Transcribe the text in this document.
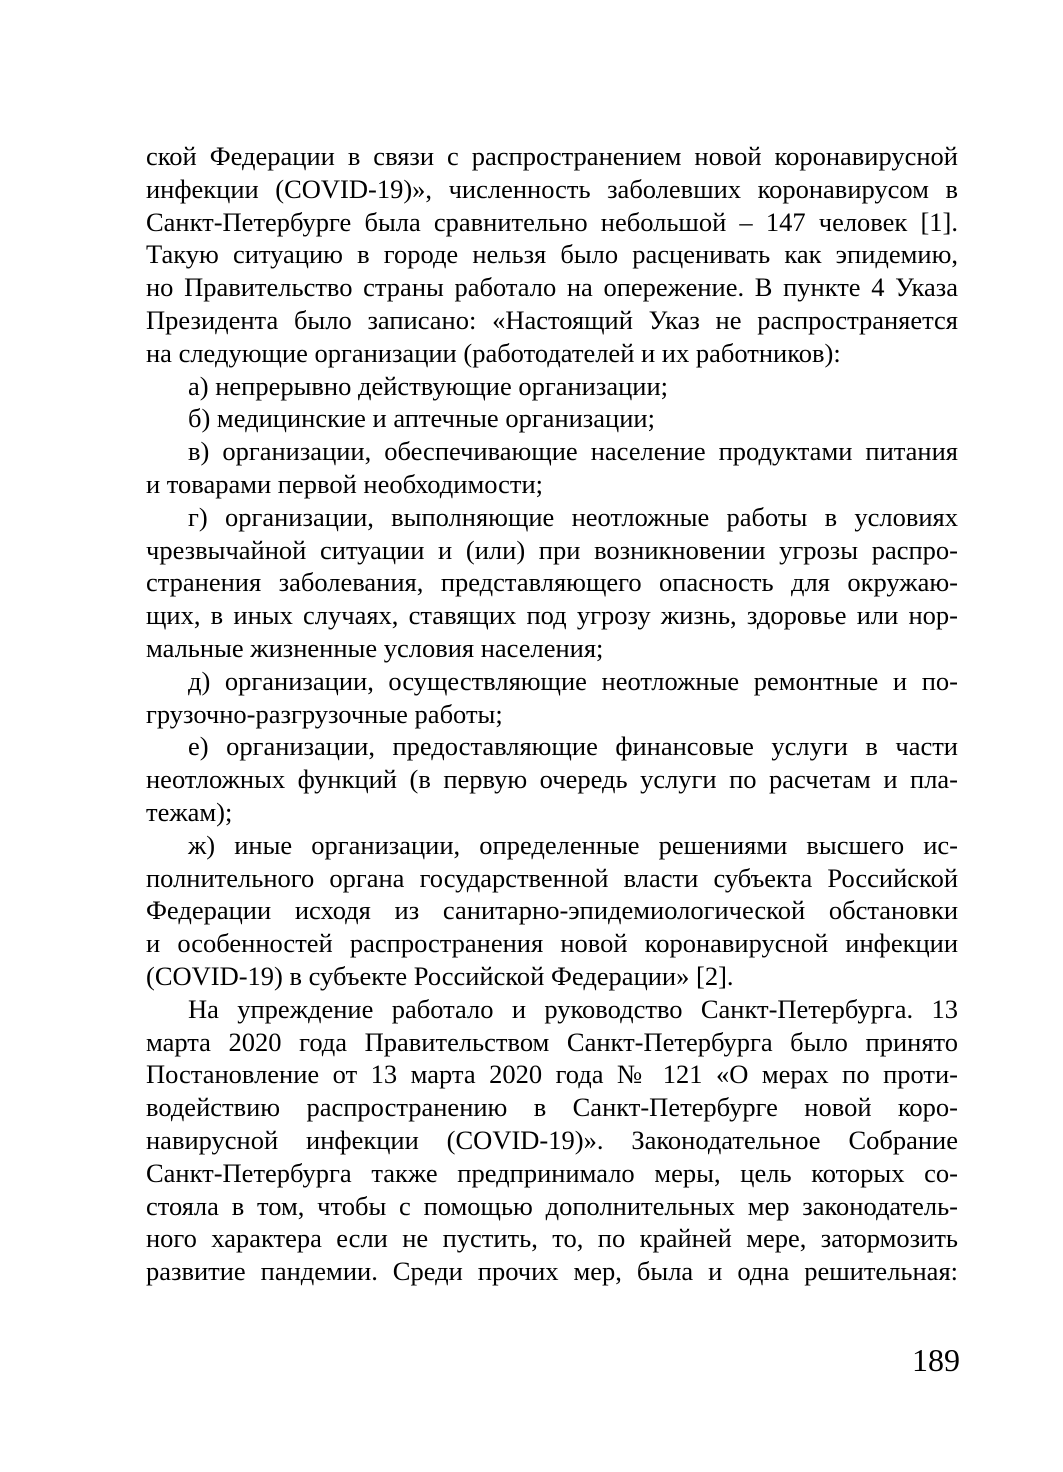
ской Федерации в связи с распространением новой коронавирусной
инфекции (COVID-19)», численность заболевших коронавирусом в
Санкт-Петербурге была сравнительно небольшой – 147 человек [1].
Такую ситуацию в городе нельзя было расценивать как эпидемию,
но Правительство страны работало на опережение. В пункте 4 Указа
Президента было записано: «Настоящий Указ не распространяется
на следующие организации (работодателей и их работников):
а) непрерывно действующие организации;
б) медицинские и аптечные организации;
в) организации, обеспечивающие население продуктами питания
и товарами первой необходимости;
г) организации, выполняющие неотложные работы в условиях
чрезвычайной ситуации и (или) при возникновении угрозы распро-
странения заболевания, представляющего опасность для окружаю-
щих, в иных случаях, ставящих под угрозу жизнь, здоровье или нор-
мальные жизненные условия населения;
д) организации, осуществляющие неотложные ремонтные и по-
грузочно-разгрузочные работы;
е) организации, предоставляющие финансовые услуги в части
неотложных функций (в первую очередь услуги по расчетам и пла-
тежам);
ж) иные организации, определенные решениями высшего ис-
полнительного органа государственной власти субъекта Российской
Федерации исходя из санитарно-эпидемиологической обстановки
и особенностей распространения новой коронавирусной инфекции
(COVID-19) в субъекте Российской Федерации» [2].
На упреждение работало и руководство Санкт-Петербурга. 13
марта 2020 года Правительством Санкт-Петербурга было принято
Постановление от 13 марта 2020 года № 121 «О мерах по проти-
водействию распространению в Санкт-Петербурге новой коро-
навирусной инфекции (COVID-19)». Законодательное Собрание
Санкт-Петербурга также предпринимало меры, цель которых со-
стояла в том, чтобы с помощью дополнительных мер законодатель-
ного характера если не пустить, то, по крайней мере, затормозить
развитие пандемии. Среди прочих мер, была и одна решительная:
189
